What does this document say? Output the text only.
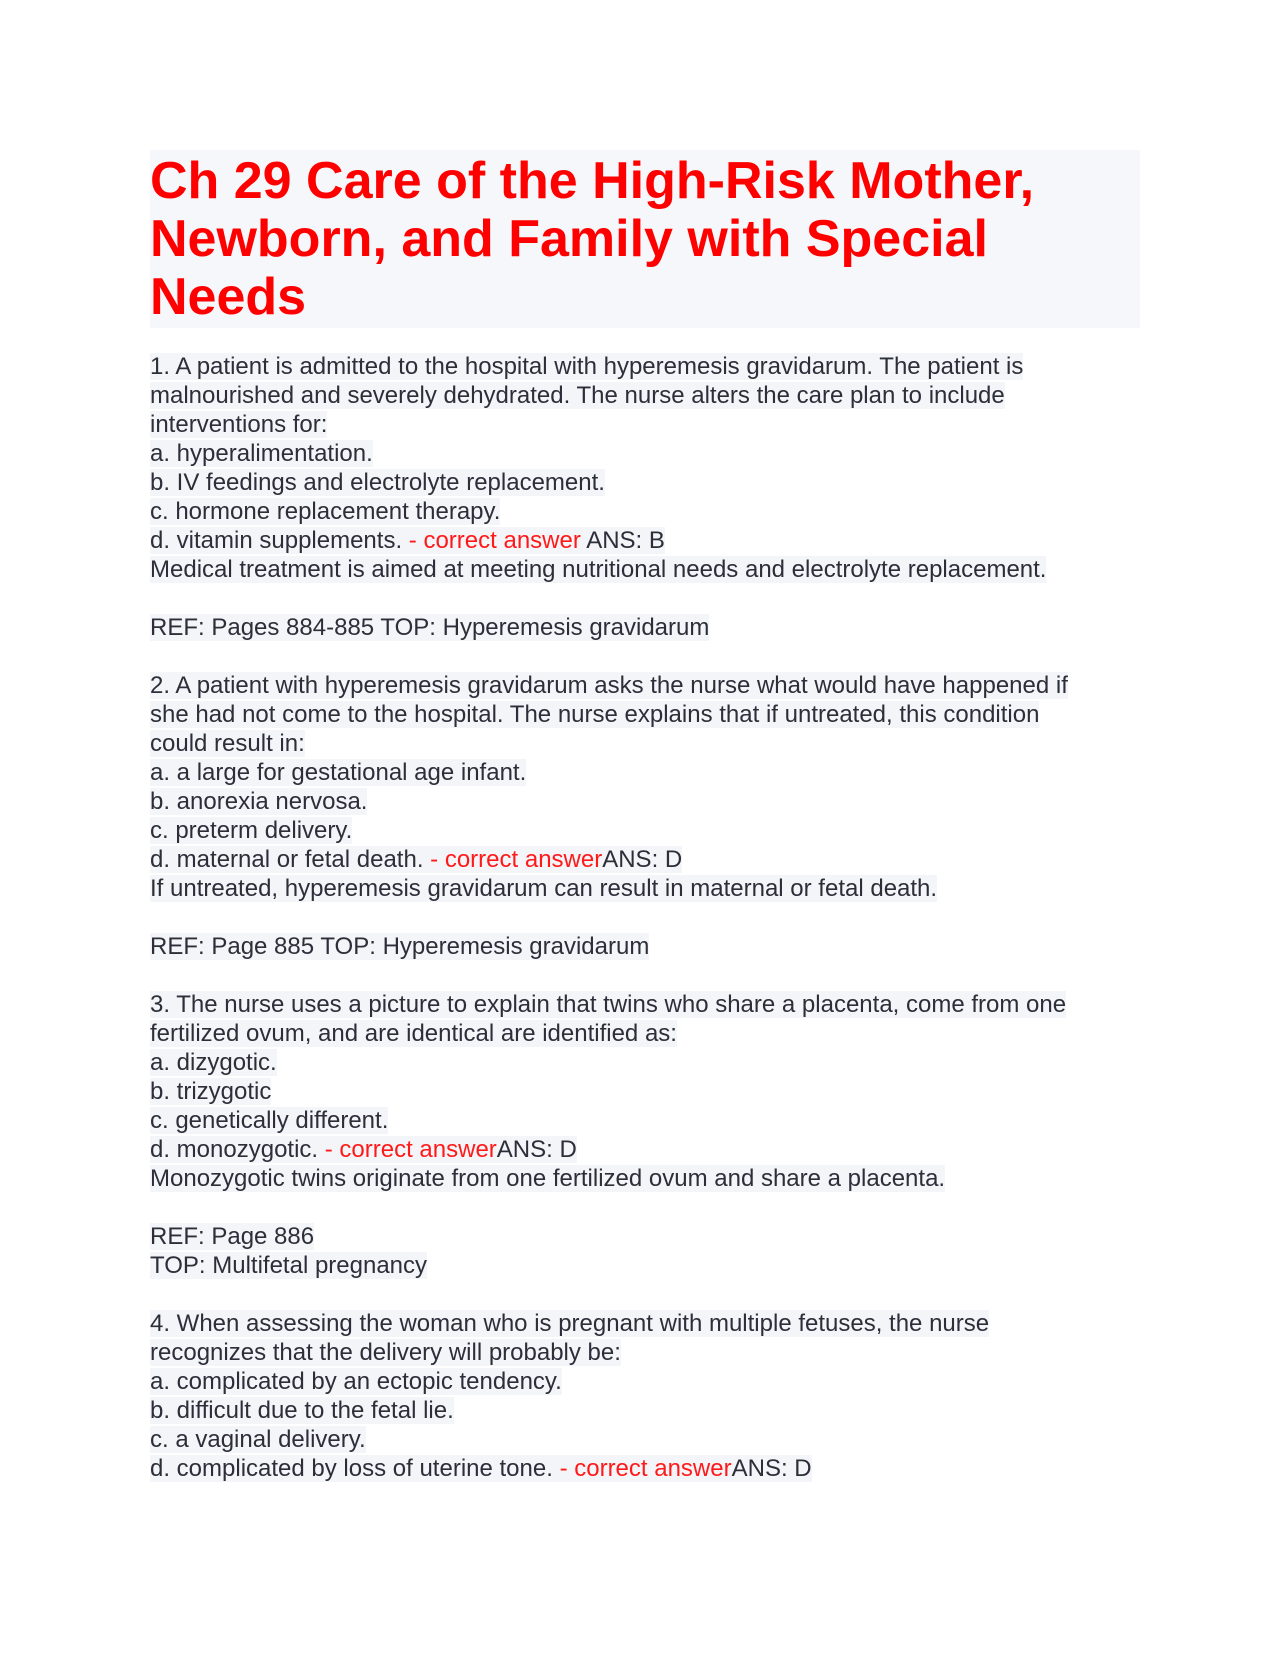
Ch 29 Care of the High-Risk Mother, Newborn, and Family with Special Needs
1. A patient is admitted to the hospital with hyperemesis gravidarum. The patient is
malnourished and severely dehydrated. The nurse alters the care plan to include
interventions for:
a. hyperalimentation.
b. IV feedings and electrolyte replacement.
c. hormone replacement therapy.
d. vitamin supplements. - correct answer ANS: B
Medical treatment is aimed at meeting nutritional needs and electrolyte replacement.
REF: Pages 884-885 TOP: Hyperemesis gravidarum
2. A patient with hyperemesis gravidarum asks the nurse what would have happened if
she had not come to the hospital. The nurse explains that if untreated, this condition
could result in:
a. a large for gestational age infant.
b. anorexia nervosa.
c. preterm delivery.
d. maternal or fetal death. - correct answerANS: D
If untreated, hyperemesis gravidarum can result in maternal or fetal death.
REF: Page 885 TOP: Hyperemesis gravidarum
3. The nurse uses a picture to explain that twins who share a placenta, come from one
fertilized ovum, and are identical are identified as:
a. dizygotic.
b. trizygotic
c. genetically different.
d. monozygotic. - correct answerANS: D
Monozygotic twins originate from one fertilized ovum and share a placenta.
REF: Page 886
TOP: Multifetal pregnancy
4. When assessing the woman who is pregnant with multiple fetuses, the nurse
recognizes that the delivery will probably be:
a. complicated by an ectopic tendency.
b. difficult due to the fetal lie.
c. a vaginal delivery.
d. complicated by loss of uterine tone. - correct answerANS: D
